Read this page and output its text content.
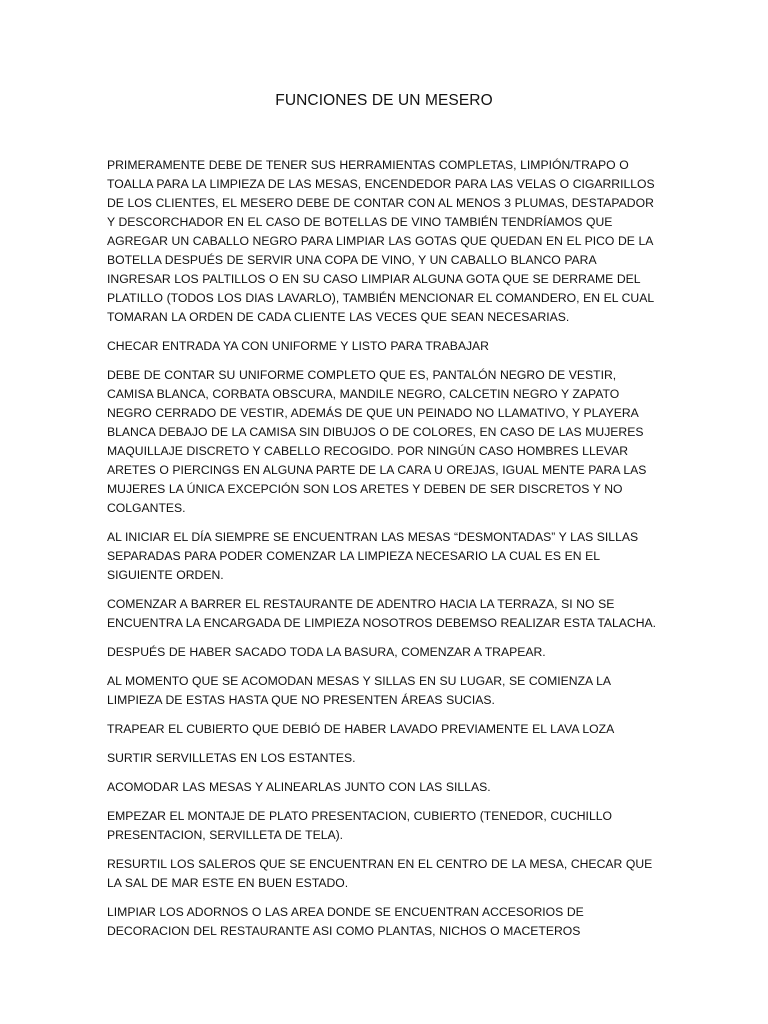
FUNCIONES DE UN MESERO

PRIMERAMENTE DEBE DE TENER SUS HERRAMIENTAS COMPLETAS, LIMPIÓN/TRAPO O TOALLA PARA LA LIMPIEZA DE LAS MESAS, ENCENDEDOR PARA LAS VELAS O CIGARRILLOS DE LOS CLIENTES, EL MESERO DEBE DE CONTAR CON AL MENOS 3 PLUMAS, DESTAPADOR Y DESCORCHADOR EN EL CASO DE BOTELLAS DE VINO TAMBIÉN TENDRÍAMOS QUE AGREGAR UN CABALLO NEGRO PARA LIMPIAR LAS GOTAS QUE QUEDAN EN EL PICO DE LA BOTELLA DESPUÉS DE SERVIR UNA COPA DE VINO, Y UN CABALLO BLANCO PARA INGRESAR LOS PALTILLOS O EN SU CASO LIMPIAR ALGUNA GOTA QUE SE DERRAME DEL PLATILLO (TODOS LOS DIAS LAVARLO), TAMBIÉN MENCIONAR EL COMANDERO, EN EL CUAL TOMARAN LA ORDEN DE CADA CLIENTE LAS VECES QUE SEAN NECESARIAS.

CHECAR ENTRADA YA CON UNIFORME Y LISTO PARA TRABAJAR

DEBE DE CONTAR SU UNIFORME COMPLETO QUE ES, PANTALÓN NEGRO DE VESTIR, CAMISA BLANCA, CORBATA OBSCURA, MANDILE NEGRO, CALCETIN NEGRO Y ZAPATO NEGRO CERRADO DE VESTIR, ADEMÁS DE QUE UN PEINADO NO LLAMATIVO, Y PLAYERA BLANCA DEBAJO DE LA CAMISA SIN DIBUJOS O DE COLORES, EN CASO DE LAS MUJERES MAQUILLAJE DISCRETO Y CABELLO RECOGIDO. POR NINGÚN CASO HOMBRES LLEVAR ARETES O PIERCINGS EN ALGUNA PARTE DE LA CARA U OREJAS, IGUAL MENTE PARA LAS MUJERES LA ÚNICA EXCEPCIÓN SON LOS ARETES Y DEBEN DE SER DISCRETOS Y NO COLGANTES.

AL INICIAR EL DÍA SIEMPRE SE ENCUENTRAN LAS MESAS “DESMONTADAS” Y LAS SILLAS SEPARADAS PARA PODER COMENZAR LA LIMPIEZA NECESARIO LA CUAL ES EN EL SIGUIENTE ORDEN.

COMENZAR A BARRER EL RESTAURANTE DE ADENTRO HACIA LA TERRAZA, SI NO SE ENCUENTRA LA ENCARGADA DE LIMPIEZA NOSOTROS DEBEMSO REALIZAR ESTA TALACHA.

DESPUÉS DE HABER SACADO TODA LA BASURA, COMENZAR A TRAPEAR.

AL MOMENTO QUE SE ACOMODAN MESAS Y SILLAS EN SU LUGAR, SE COMIENZA LA LIMPIEZA DE ESTAS HASTA QUE NO PRESENTEN ÁREAS SUCIAS.

TRAPEAR EL CUBIERTO QUE DEBIÓ DE HABER LAVADO PREVIAMENTE EL LAVA LOZA

SURTIR SERVILLETAS EN LOS ESTANTES.

ACOMODAR LAS MESAS Y ALINEARLAS JUNTO CON LAS SILLAS.

EMPEZAR EL MONTAJE DE PLATO PRESENTACION, CUBIERTO (TENEDOR, CUCHILLO PRESENTACION, SERVILLETA DE TELA).

RESURTIL LOS SALEROS QUE SE ENCUENTRAN EN EL CENTRO DE LA MESA, CHECAR QUE LA SAL DE MAR ESTE EN BUEN ESTADO.

LIMPIAR LOS ADORNOS O LAS AREA DONDE SE ENCUENTRAN ACCESORIOS DE DECORACION DEL RESTAURANTE ASI COMO PLANTAS, NICHOS O MACETEROS
